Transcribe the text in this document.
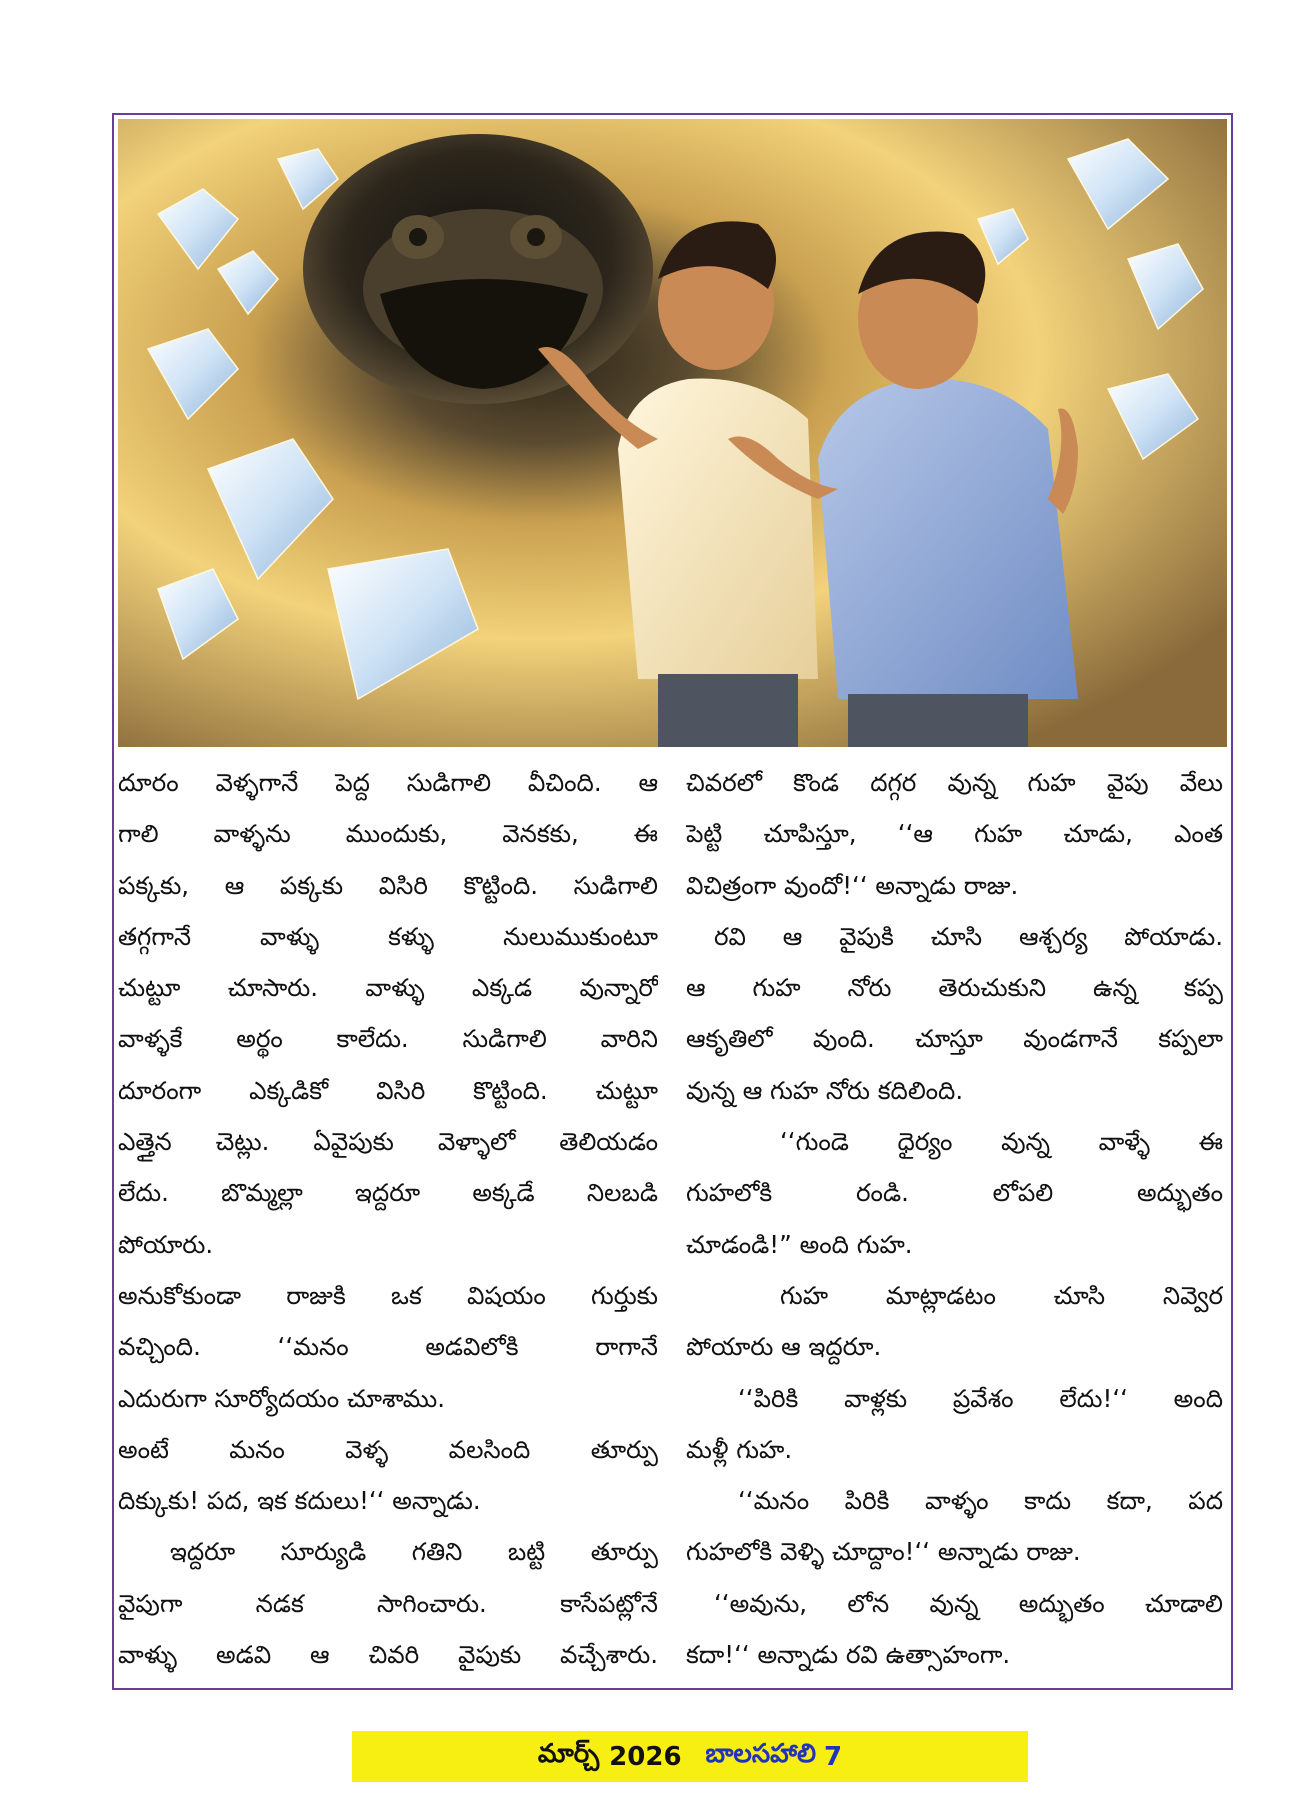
దూరం వెళ్ళగానే పెద్ద సుడిగాలి వీచింది. ఆ
గాలి వాళ్ళను ముందుకు, వెనకకు, ఈ
పక్కకు, ఆ పక్కకు విసిరి కొట్టింది. సుడిగాలి
తగ్గగానే వాళ్ళు కళ్ళు నులుముకుంటూ
చుట్టూ చూసారు. వాళ్ళు ఎక్కడ వున్నారో
వాళ్ళకే అర్థం కాలేదు. సుడిగాలి వారిని
దూరంగా ఎక్కడికో విసిరి కొట్టింది. చుట్టూ
ఎత్తైన చెట్లు. ఏవైపుకు వెళ్ళాలో తెలియడం
లేదు. బొమ్మల్లా ఇద్దరూ అక్కడే నిలబడి
పోయారు.
అనుకోకుండా రాజుకి ఒక విషయం గుర్తుకు
వచ్చింది. ‘‘మనం అడవిలోకి రాగానే
ఎదురుగా సూర్యోదయం చూశాము.
అంటే మనం వెళ్ళ వలసింది తూర్పు
దిక్కుకు! పద, ఇక కదులు!‘‘ అన్నాడు.
ఇద్దరూ సూర్యుడి గతిని బట్టి తూర్పు
వైపుగా నడక సాగించారు. కాసేపట్లోనే
వాళ్ళు అడవి ఆ చివరి వైపుకు వచ్చేశారు.
చివరలో కొండ దగ్గర వున్న గుహ వైపు వేలు
పెట్టి చూపిస్తూ, ‘‘ఆ గుహ చూడు, ఎంత
విచిత్రంగా వుందో!‘‘ అన్నాడు రాజు.
రవి ఆ వైపుకి చూసి ఆశ్చర్య పోయాడు.
ఆ గుహ నోరు తెరుచుకుని ఉన్న కప్ప
ఆకృతిలో వుంది. చూస్తూ వుండగానే కప్పలా
వున్న ఆ గుహ నోరు కదిలింది.
‘‘గుండె ధైర్యం వున్న వాళ్ళే ఈ
గుహలోకి రండి. లోపలి అద్భుతం
చూడండి!” అంది గుహ.
గుహ మాట్లాడటం చూసి నివ్వెర
పోయారు ఆ ఇద్దరూ.
‘‘పిరికి వాళ్లకు ప్రవేశం లేదు!‘‘ అంది
మళ్లీ గుహ.
‘‘మనం పిరికి వాళ్ళం కాదు కదా, పద
గుహలోకి వెళ్ళి చూద్దాం!‘‘ అన్నాడు రాజు.
‘‘అవును, లోన వున్న అద్భుతం చూడాలి
కదా!‘‘ అన్నాడు రవి ఉత్సాహంగా.
మార్చ్ 2026 బాలసహాలి 7
